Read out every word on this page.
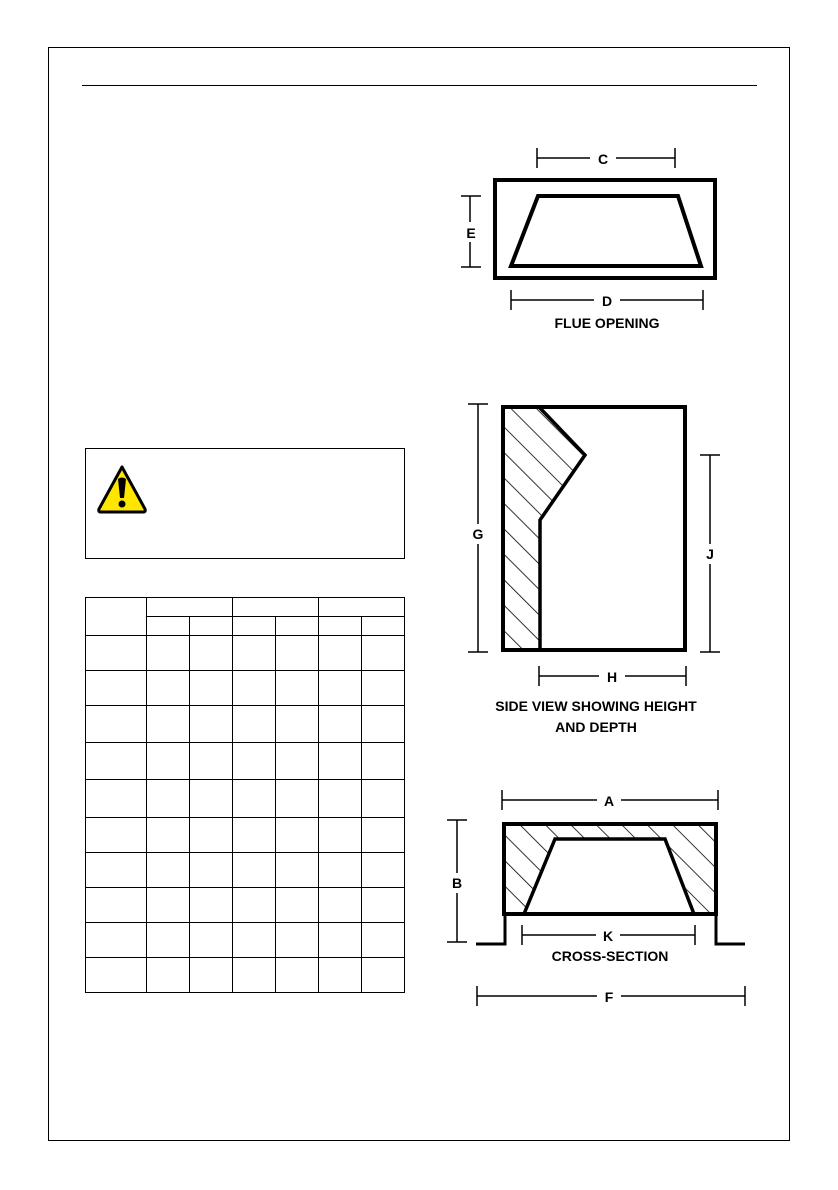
C
E
D
FLUE OPENING
G
J
H
SIDE VIEW SHOWING HEIGHT
AND DEPTH
A
B
K
CROSS-SECTION
F
